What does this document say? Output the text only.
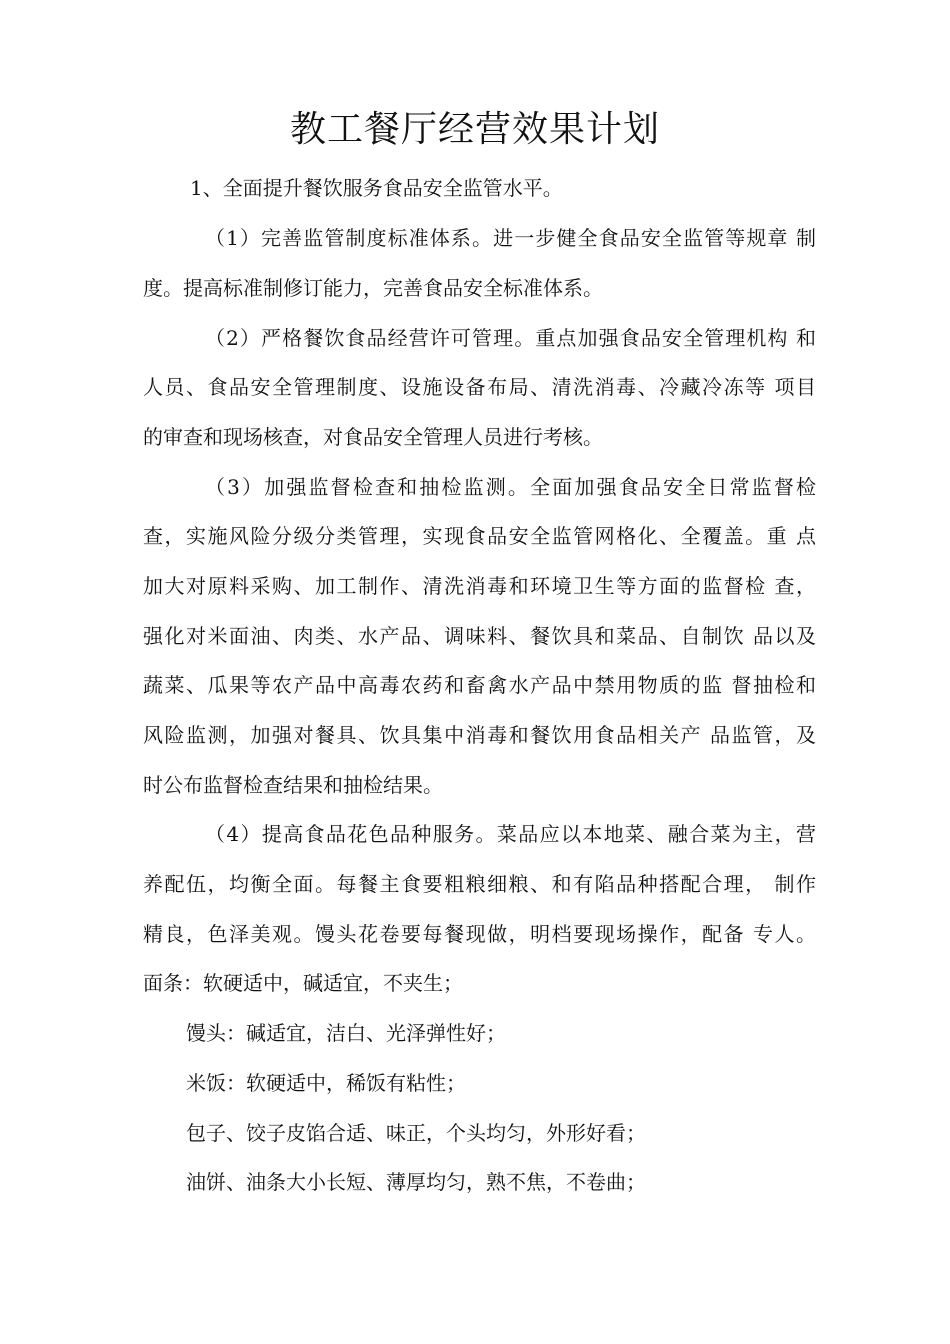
教工餐厅经营效果计划
1、全面提升餐饮服务食品安全监管水平。
（1）完善监管制度标准体系。进一步健全食品安全监管等规章 制
度。提高标准制修订能力，完善食品安全标准体系。
（2）严格餐饮食品经营许可管理。重点加强食品安全管理机构 和
人员、食品安全管理制度、设施设备布局、清洗消毒、冷藏冷冻等 项目
的审查和现场核查，对食品安全管理人员进行考核。
（3）加强监督检查和抽检监测。全面加强食品安全日常监督检
查，实施风险分级分类管理，实现食品安全监管网格化、全覆盖。重 点
加大对原料采购、加工制作、清洗消毒和环境卫生等方面的监督检 查，
强化对米面油、肉类、水产品、调味料、餐饮具和菜品、自制饮 品以及
蔬菜、瓜果等农产品中高毒农药和畜禽水产品中禁用物质的监 督抽检和
风险监测，加强对餐具、饮具集中消毒和餐饮用食品相关产 品监管，及
时公布监督检查结果和抽检结果。
（4）提高食品花色品种服务。菜品应以本地菜、融合菜为主，营
养配伍，均衡全面。每餐主食要粗粮细粮、和有陷品种搭配合理， 制作
精良，色泽美观。馒头花卷要每餐现做，明档要现场操作，配备 专人。
面条：软硬适中，碱适宜，不夹生；
馒头：碱适宜，洁白、光泽弹性好；
米饭：软硬适中，稀饭有粘性；
包子、饺子皮馅合适、味正，个头均匀，外形好看；
油饼、油条大小长短、薄厚均匀，熟不焦，不卷曲；
